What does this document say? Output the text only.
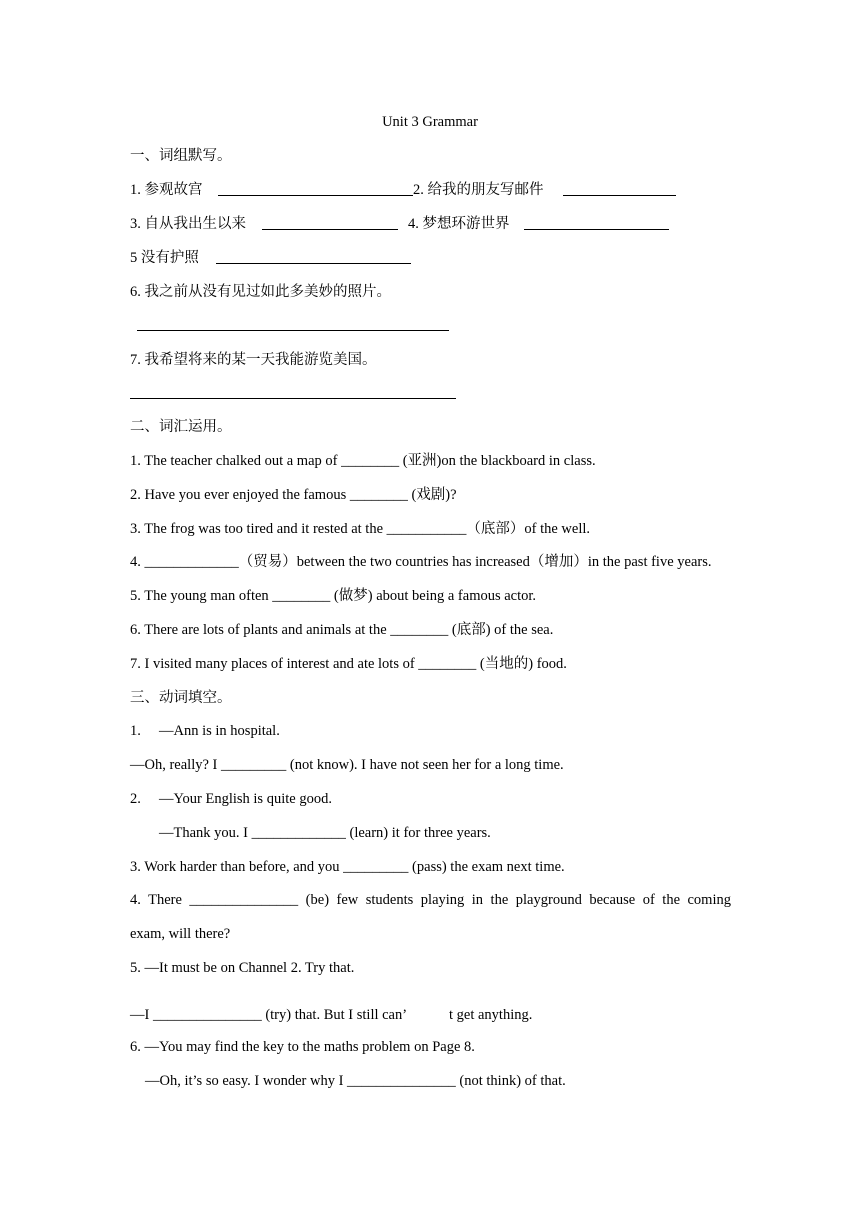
Unit 3 Grammar
一、词组默写。
1. 参观故宫	2. 给我的朋友写邮件
3. 自从我出生以来	4. 梦想环游世界
5 没有护照
6. 我之前从没有见过如此多美妙的照片。
7. 我希望将来的某一天我能游览美国。
二、词汇运用。
1. The teacher chalked out a map of ________ (亚洲)on the blackboard in class.
2. Have you ever enjoyed the famous ________ (戏剧)?
3. The frog was too tired and it rested at the ___________（底部）of the well.
4. _____________（贸易）between the two countries has increased（增加）in the past five years.
5. The young man often ________ (做梦) about being a famous actor.
6. There are lots of plants and animals at the ________ (底部) of the sea.
7. I visited many places of interest and ate lots of ________ (当地的) food.
三、动词填空。
1. —Ann is in hospital.
—Oh, really? I _________ (not know). I have not seen her for a long time.
2. —Your English is quite good.
—Thank you. I _____________ (learn) it for three years.
3. Work harder than before, and you _________ (pass) the exam next time.
4. There _______________ (be) few students playing in the playground because of the coming
exam, will there?
5. —It must be on Channel 2. Try that.
—I _______________ (try) that. But I still can’	t get anything.
6. —You may find the key to the maths problem on Page 8.
—Oh, it’s so easy. I wonder why I _______________ (not think) of that.
